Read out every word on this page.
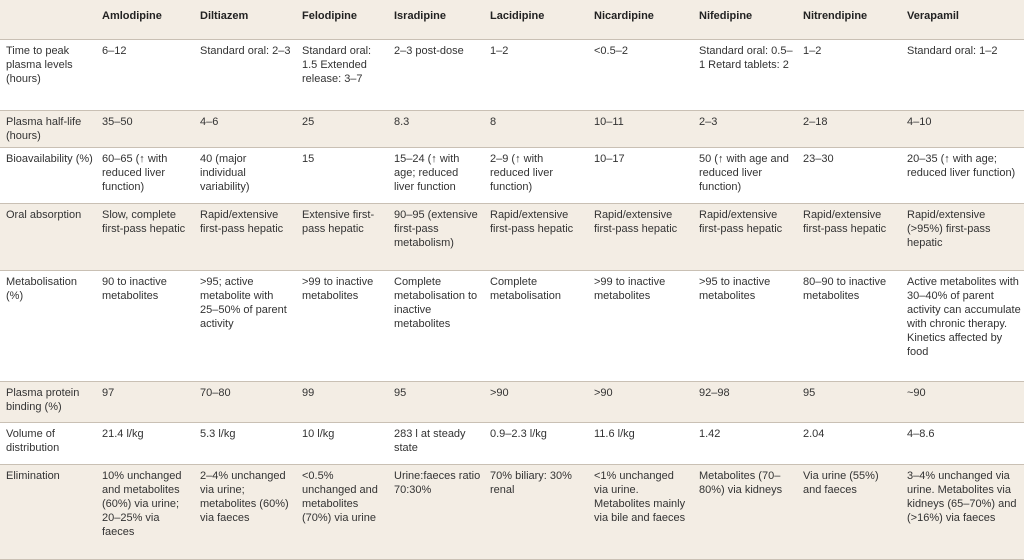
	Amlodipine	Diltiazem	Felodipine	Isradipine	Lacidipine	Nicardipine	Nifedipine	Nitrendipine	Verapamil
Time to peak plasma levels (hours)	6–12	Standard oral: 2–3	Standard oral: 1.5 Extended release: 3–7	2–3 post-dose	1–2	<0.5–2	Standard oral: 0.5–1 Retard tablets: 2	1–2	Standard oral: 1–2
Plasma half-life (hours)	35–50	4–6	25	8.3	8	10–11	2–3	2–18	4–10
Bioavailability (%)	60–65 (↑ with reduced liver function)	40 (major individual variability)	15	15–24 (↑ with age; reduced liver function	2–9 (↑ with reduced liver function)	10–17	50 (↑ with age and reduced liver function)	23–30	20–35 (↑ with age; reduced liver function)
Oral absorption	Slow, complete first-pass hepatic	Rapid/extensive first-pass hepatic	Extensive first-pass hepatic	90–95 (extensive first-pass metabolism)	Rapid/extensive first-pass hepatic	Rapid/extensive first-pass hepatic	Rapid/extensive first-pass hepatic	Rapid/extensive first-pass hepatic	Rapid/extensive (>95%) first-pass hepatic
Metabolisation (%)	90 to inactive metabolites	>95; active metabolite with 25–50% of parent activity	>99 to inactive metabolites	Complete metabolisation to inactive metabolites	Complete metabolisation	>99 to inactive metabolites	>95 to inactive metabolites	80–90 to inactive metabolites	Active metabolites with 30–40% of parent activity can accumulate with chronic therapy. Kinetics affected by food
Plasma protein binding (%)	97	70–80	99	95	>90	>90	92–98	95	~90
Volume of distribution	21.4 l/kg	5.3 l/kg	10 l/kg	283 l at steady state	0.9–2.3 l/kg	11.6 l/kg	1.42	2.04	4–8.6
Elimination	10% unchanged and metabolites (60%) via urine; 20–25% via faeces	2–4% unchanged via urine; metabolites (60%) via faeces	<0.5% unchanged and metabolites (70%) via urine	Urine:faeces ratio 70:30%	70% biliary: 30% renal	<1% unchanged via urine. Metabolites mainly via bile and faeces	Metabolites (70–80%) via kidneys	Via urine (55%) and faeces	3–4% unchanged via urine. Metabolites via kidneys (65–70%) and (>16%) via faeces
